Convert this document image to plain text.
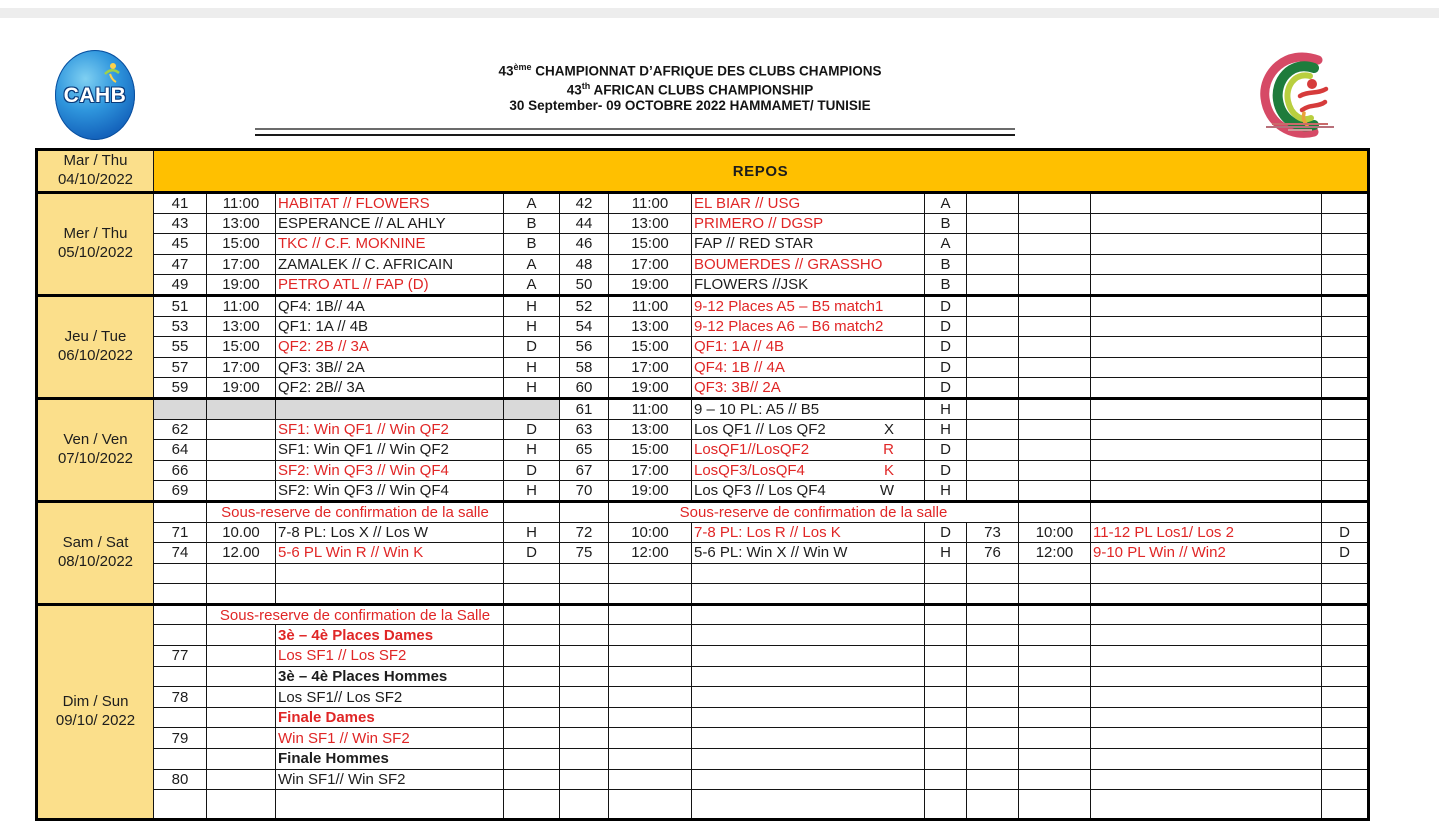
CAHB
43ème CHAMPIONNAT D’AFRIQUE DES CLUBS CHAMPIONS
43th AFRICAN CLUBS CHAMPIONSHIP
30 September- 09 OCTOBRE 2022 HAMMAMET/ TUNISIE
Mar / Thu
04/10/2022	REPOS											

Mer / Thu
05/10/2022	41	11:00	HABITAT // FLOWERS	A	42	11:00	EL BIAR // USG	A				
	43	13:00	ESPERANCE // AL AHLY	B	44	13:00	PRIMERO // DGSP	B				
	45	15:00	TKC // C.F. MOKNINE	B	46	15:00	FAP // RED STAR	A				
	47	17:00	ZAMALEK // C. AFRICAIN	A	48	17:00	BOUMERDES // GRASSHO	B				
	49	19:00	PETRO ATL // FAP (D)	A	50	19:00	FLOWERS //JSK	B				

Jeu / Tue
06/10/2022	51	11:00	QF4: 1B// 4A	H	52	11:00	9-12 Places A5 – B5 match1	D				
	53	13:00	QF1: 1A // 4B	H	54	13:00	9-12 Places A6 – B6 match2	D				
	55	15:00	QF2: 2B // 3A	D	56	15:00	QF1: 1A // 4B	D				
	57	17:00	QF3: 3B// 2A	H	58	17:00	QF4: 1B // 4A	D				
	59	19:00	QF2: 2B// 3A	H	60	19:00	QF3: 3B// 2A	D				

Ven / Ven
07/10/2022					61	11:00	9 – 10 PL: A5 // B5	H				
	62		SF1: Win QF1 // Win QF2	D	63	13:00	Los QF1 // Los QF2 X	H				
	64		SF1: Win QF1 // Win QF2	H	65	15:00	LosQF1//LosQF2 R	D				
	66		SF2: Win QF3 // Win QF4	D	67	17:00	LosQF3/LosQF4 K	D				
	69		SF2: Win QF3 // Win QF4	H	70	19:00	Los QF3 // Los QF4 W	H				

Sam / Sat
08/10/2022		Sous-reserve de confirmation de la salle				Sous-reserve de confirmation de la salle						
	71	10.00	7-8 PL: Los X // Los W	H	72	10:00	7-8 PL: Los R // Los K	D	73	10:00	11-12 PL Los1/ Los 2	D
	74	12.00	5-6 PL Win R // Win K	D	75	12:00	5-6 PL: Win X // Win W	H	76	12:00	9-10 PL Win // Win2	D

Dim / Sun
09/10/ 2022		Sous-reserve de confirmation de la Salle										
			3è – 4è Places Dames									
	77		Los SF1 // Los SF2									
			3è – 4è Places Hommes									
	78		Los SF1// Los SF2									
			Finale Dames									
	79		Win SF1 // Win SF2									
			Finale Hommes									
	80		Win SF1// Win SF2									
